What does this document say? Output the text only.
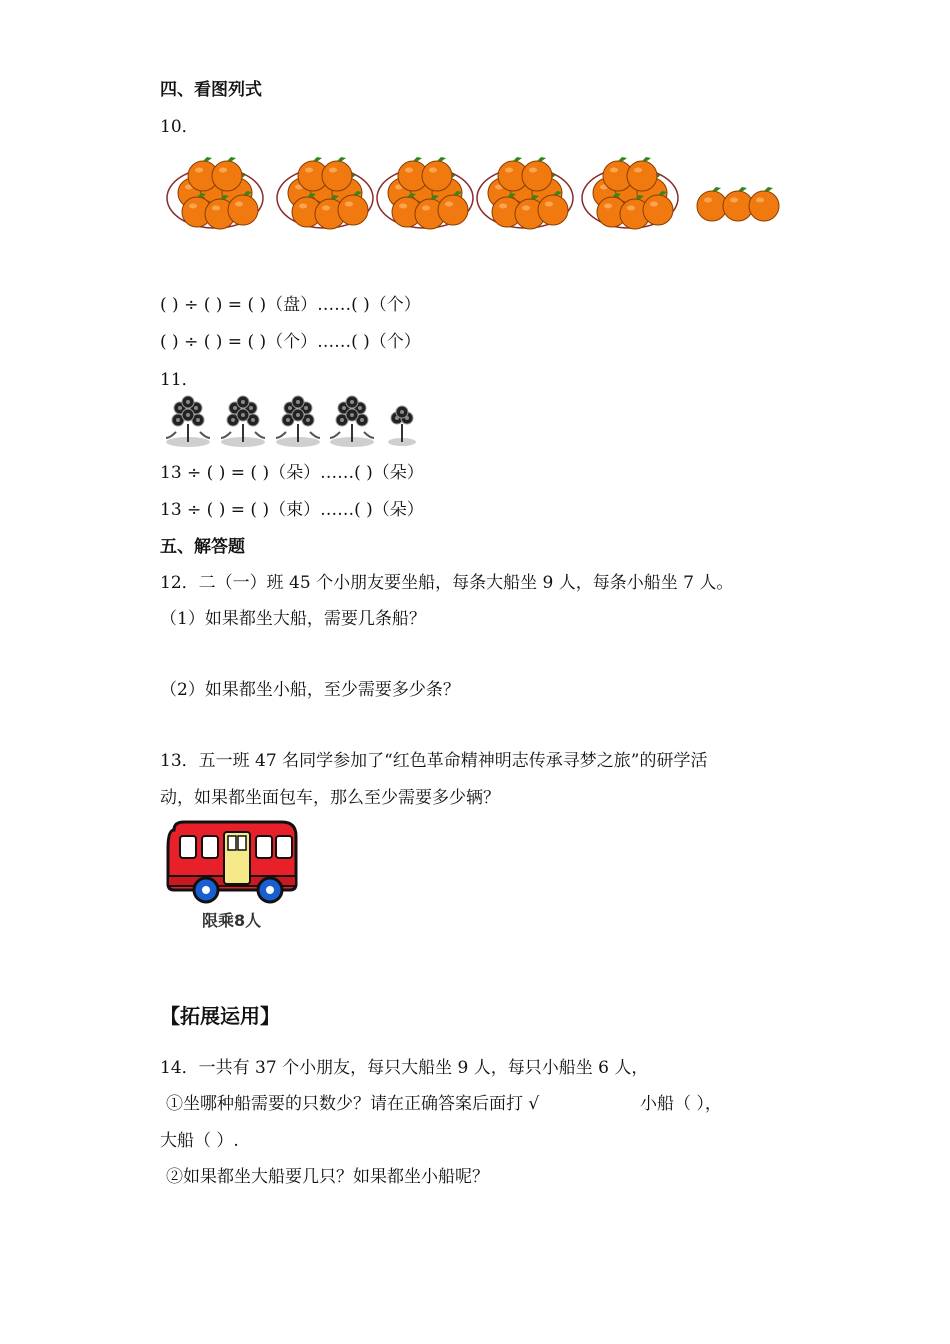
四、看图列式
10．
( ) ÷ ( ) = ( )（盘）……( )（个）
( ) ÷ ( ) = ( )（个）……( )（个）
11．
13 ÷ ( ) = ( )（朵）……( )（朵）
13 ÷ ( ) = ( )（束）……( )（朵）
五、解答题
12．二（一）班 45 个小朋友要坐船，每条大船坐 9 人，每条小船坐 7 人。
（1）如果都坐大船，需要几条船？
（2）如果都坐小船，至少需要多少条？
13．五一班 47 名同学参加了“红色革命精神明志传承寻梦之旅”的研学活
动，如果都坐面包车，那么至少需要多少辆？
限乘8人
【拓展运用】
14．一共有 37 个小朋友，每只大船坐 9 人，每只小船坐 6 人，
①坐哪种船需要的只数少？请在正确答案后面打 √	小船（ ），
大船（ ）.
②如果都坐大船要几只？如果都坐小船呢？
